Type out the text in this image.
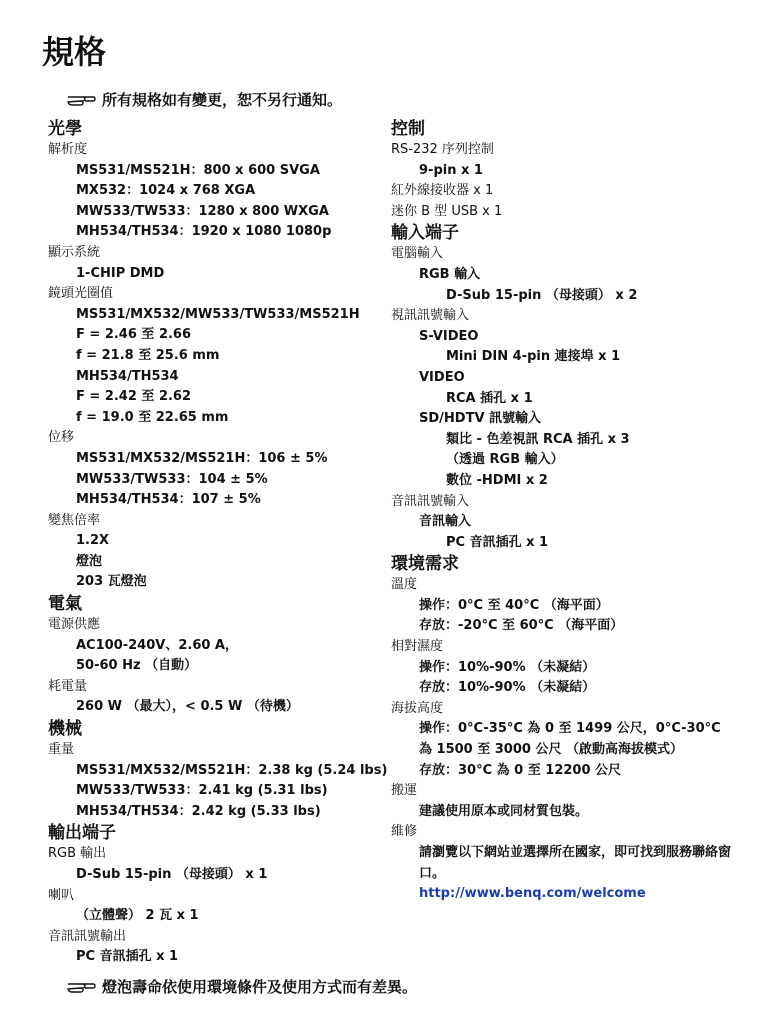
規格
所有規格如有變更，恕不另行通知。
光學
解析度
MS531/MS521H：800 x 600 SVGA
MX532：1024 x 768 XGA
MW533/TW533：1280 x 800 WXGA
MH534/TH534：1920 x 1080 1080p
顯示系統
1-CHIP DMD
鏡頭光圈值
MS531/MX532/MW533/TW533/MS521H
F = 2.46 至 2.66
f = 21.8 至 25.6 mm
MH534/TH534
F = 2.42 至 2.62
f = 19.0 至 22.65 mm
位移
MS531/MX532/MS521H：106 ± 5%
MW533/TW533：104 ± 5%
MH534/TH534：107 ± 5%
變焦倍率
1.2X
燈泡
203 瓦燈泡
電氣
電源供應
AC100-240V、2.60 A，
50-60 Hz （自動）
耗電量
260 W （最大），< 0.5 W （待機）
機械
重量
MS531/MX532/MS521H：2.38 kg (5.24 lbs)
MW533/TW533：2.41 kg (5.31 lbs)
MH534/TH534：2.42 kg (5.33 lbs)
輸出端子
RGB 輸出
D-Sub 15-pin （母接頭） x 1
喇叭
（立體聲） 2 瓦 x 1
音訊訊號輸出
PC 音訊插孔 x 1
控制
RS-232 序列控制
9-pin x 1
紅外線接收器 x 1
迷你 B 型 USB x 1
輸入端子
電腦輸入
RGB 輸入
D-Sub 15-pin （母接頭） x 2
視訊訊號輸入
S-VIDEO
Mini DIN 4-pin 連接埠 x 1
VIDEO
RCA 插孔 x 1
SD/HDTV 訊號輸入
類比 - 色差視訊 RCA 插孔 x 3
（透過 RGB 輸入）
數位 -HDMI x 2
音訊訊號輸入
音訊輸入
PC 音訊插孔 x 1
環境需求
溫度
操作：0°C 至 40°C （海平面）
存放：-20°C 至 60°C （海平面）
相對濕度
操作：10%-90% （未凝結）
存放：10%-90% （未凝結）
海拔高度
操作：0°C-35°C 為 0 至 1499 公尺，0°C-30°C 為 1500 至 3000 公尺 （啟動高海拔模式）
存放：30°C 為 0 至 12200 公尺
搬運
建議使用原本或同材質包裝。
維修
請瀏覽以下網站並選擇所在國家，即可找到服務聯絡窗口。
http://www.benq.com/welcome
燈泡壽命依使用環境條件及使用方式而有差異。
